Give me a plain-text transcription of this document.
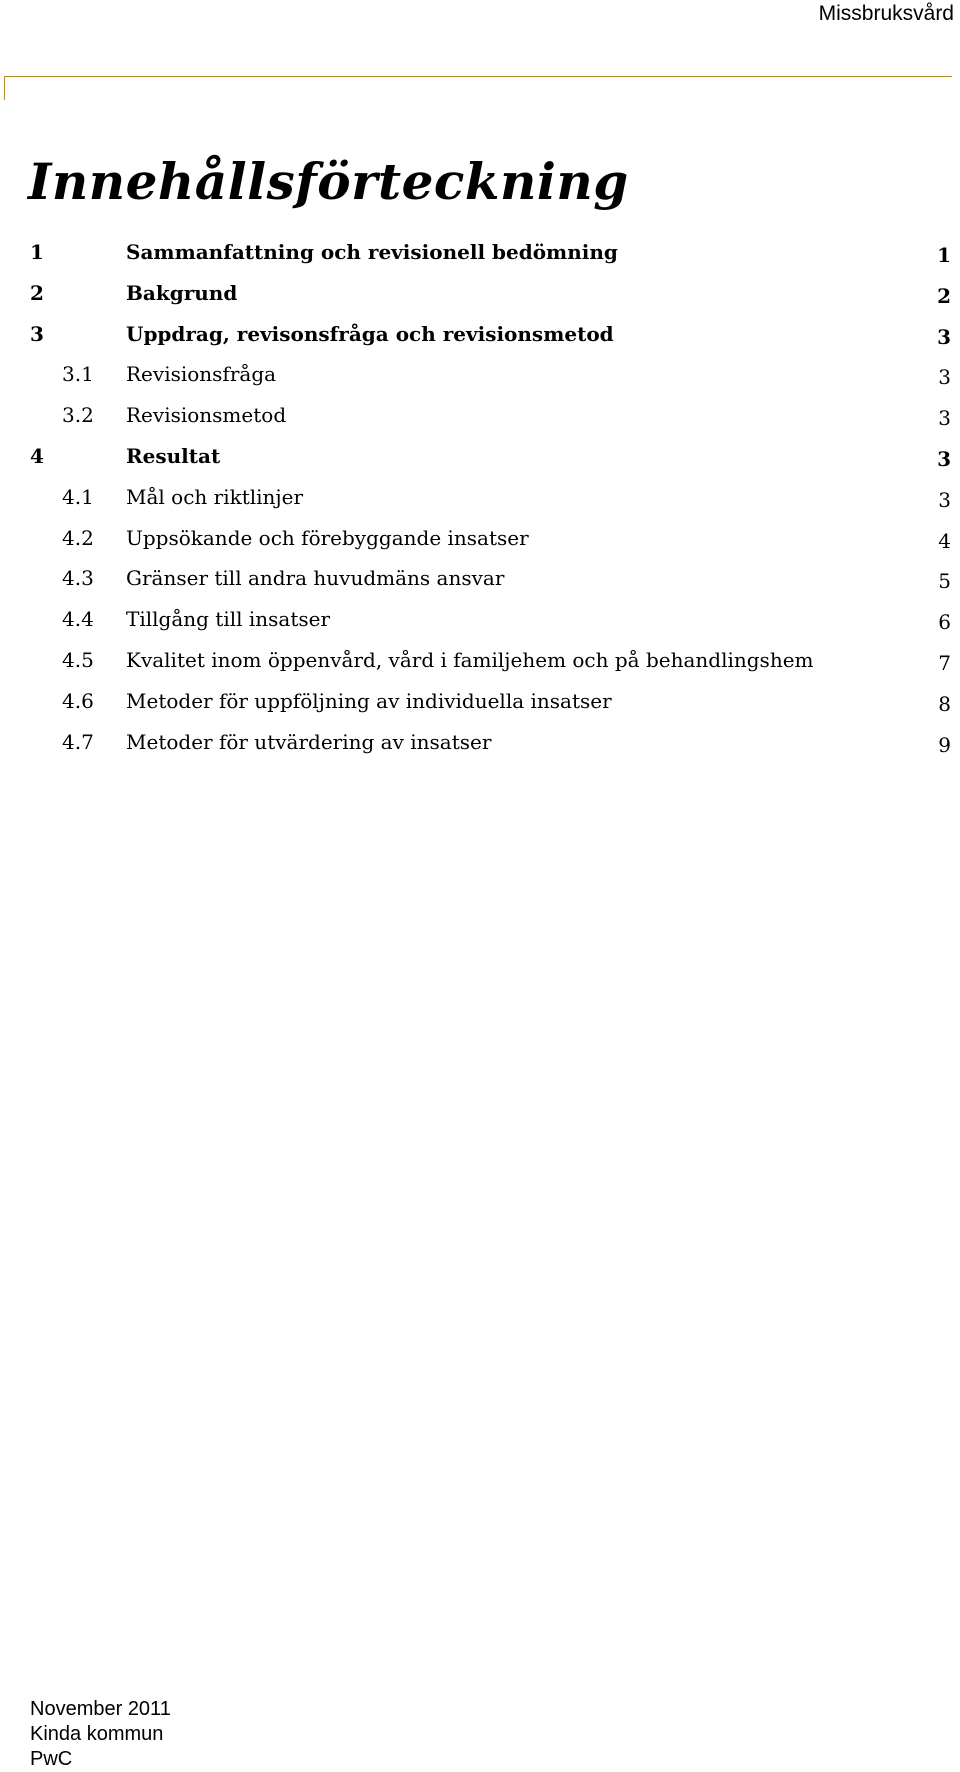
Missbruksvård
Innehållsförteckning
1	Sammanfattning och revisionell bedömning	1
2	Bakgrund	2
3	Uppdrag, revisonsfråga och revisionsmetod	3
3.1 Revisionsfråga	3
3.2 Revisionsmetod	3
4	Resultat	3
4.1 Mål och riktlinjer	3
4.2 Uppsökande och förebyggande insatser	4
4.3 Gränser till andra huvudmäns ansvar	5
4.4 Tillgång till insatser	6
4.5 Kvalitet inom öppenvård, vård i familjehem och på behandlingshem	7
4.6 Metoder för uppföljning av individuella insatser	8
4.7 Metoder för utvärdering av insatser	9
November 2011
Kinda kommun
PwC
